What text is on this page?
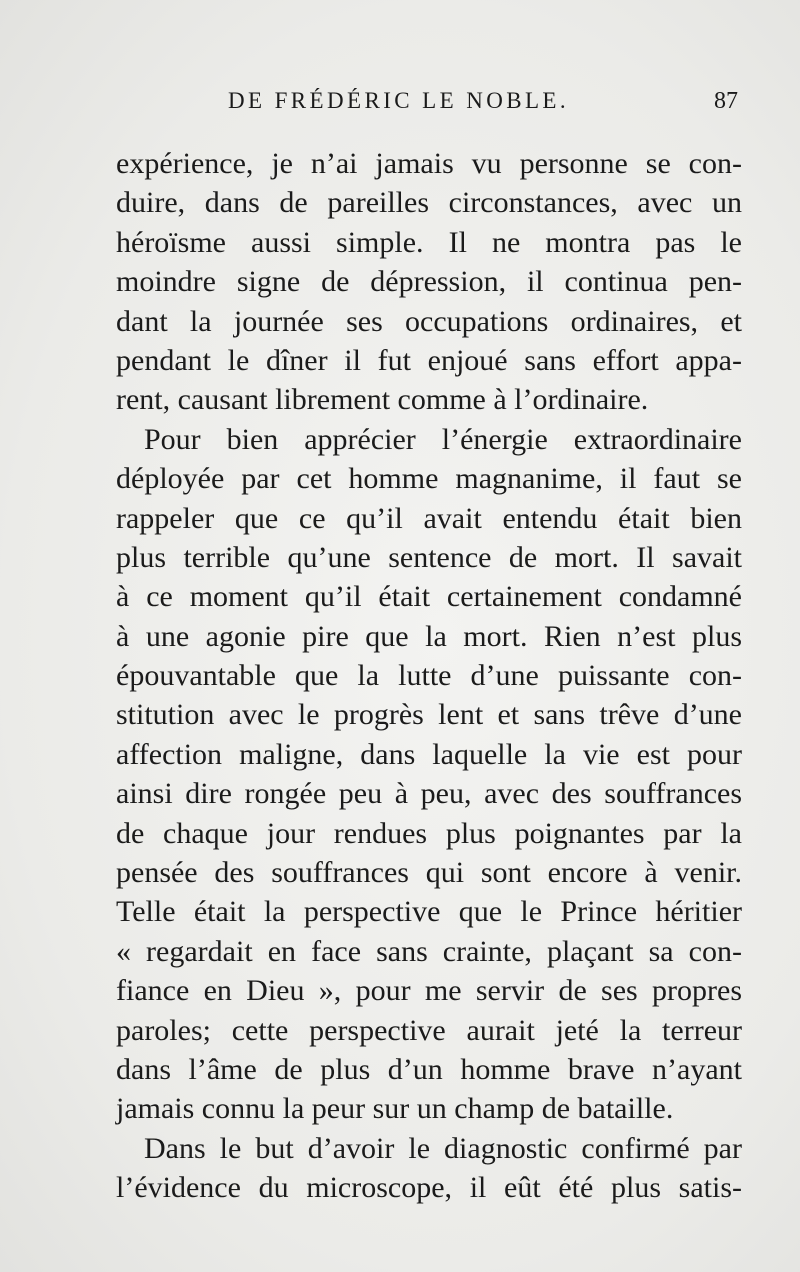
DE FRÉDÉRIC LE NOBLE.	87
expérience, je n’ai jamais vu personne se con-
duire, dans de pareilles circonstances, avec un
héroïsme aussi simple. Il ne montra pas le
moindre signe de dépression, il continua pen-
dant la journée ses occupations ordinaires, et
pendant le dîner il fut enjoué sans effort appa-
rent, causant librement comme à l’ordinaire.
Pour bien apprécier l’énergie extraordinaire
déployée par cet homme magnanime, il faut se
rappeler que ce qu’il avait entendu était bien
plus terrible qu’une sentence de mort. Il savait
à ce moment qu’il était certainement condamné
à une agonie pire que la mort. Rien n’est plus
épouvantable que la lutte d’une puissante con-
stitution avec le progrès lent et sans trêve d’une
affection maligne, dans laquelle la vie est pour
ainsi dire rongée peu à peu, avec des souffrances
de chaque jour rendues plus poignantes par la
pensée des souffrances qui sont encore à venir.
Telle était la perspective que le Prince héritier
« regardait en face sans crainte, plaçant sa con-
fiance en Dieu », pour me servir de ses propres
paroles; cette perspective aurait jeté la terreur
dans l’âme de plus d’un homme brave n’ayant
jamais connu la peur sur un champ de bataille.
Dans le but d’avoir le diagnostic confirmé par
l’évidence du microscope, il eût été plus satis-
